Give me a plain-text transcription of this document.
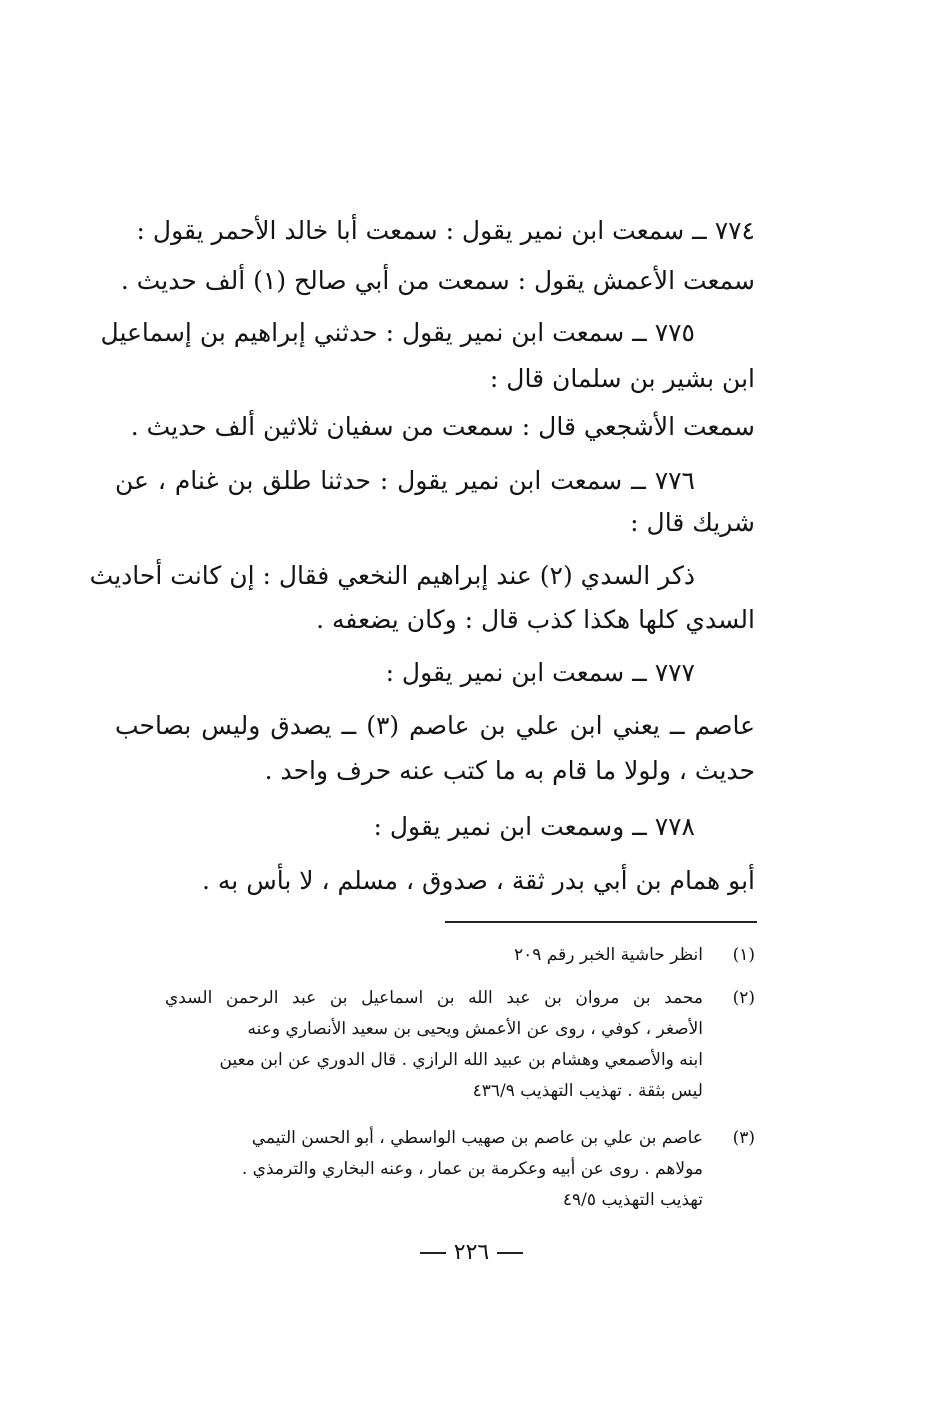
٧٧٤ ــ سمعت ابن نمير يقول : سمعت أبا خالد الأحمر يقول :
سمعت الأعمش يقول : سمعت من أبي صالح (١) ألف حديث .
٧٧٥ ــ سمعت ابن نمير يقول : حدثني إبراهيم بن إسماعيل
ابن بشير بن سلمان قال :
سمعت الأشجعي قال : سمعت من سفيان ثلاثين ألف حديث .
٧٧٦ ــ سمعت ابن نمير يقول : حدثنا طلق بن غنام ، عن
شريك قال :
ذكر السدي (٢) عند إبراهيم النخعي فقال : إن كانت أحاديث
السدي كلها هكذا كذب قال : وكان يضعفه .
٧٧٧ ــ سمعت ابن نمير يقول :
عاصم ــ يعني ابن علي بن عاصم (٣) ــ يصدق وليس بصاحب
حديث ، ولولا ما قام به ما كتب عنه حرف واحد .
٧٧٨ ــ وسمعت ابن نمير يقول :
أبو همام بن أبي بدر ثقة ، صدوق ، مسلم ، لا بأس به .
(١)
انظر حاشية الخبر رقم ٢٠٩
(٢)
محمد بن مروان بن عبد الله بن اسماعيل بن عبد الرحمن السدي
الأصغر ، كوفي ، روى عن الأعمش ويحيى بن سعيد الأنصاري وعنه
ابنه والأصمعي وهشام بن عبيد الله الرازي . قال الدوري عن ابن معين
ليس بثقة . تهذيب التهذيب ٤٣٦/٩
(٣)
عاصم بن علي بن عاصم بن صهيب الواسطي ، أبو الحسن التيمي
مولاهم . روى عن أبيه وعكرمة بن عمار ، وعنه البخاري والترمذي .
تهذيب التهذيب ٤٩/٥
٢٢٦
